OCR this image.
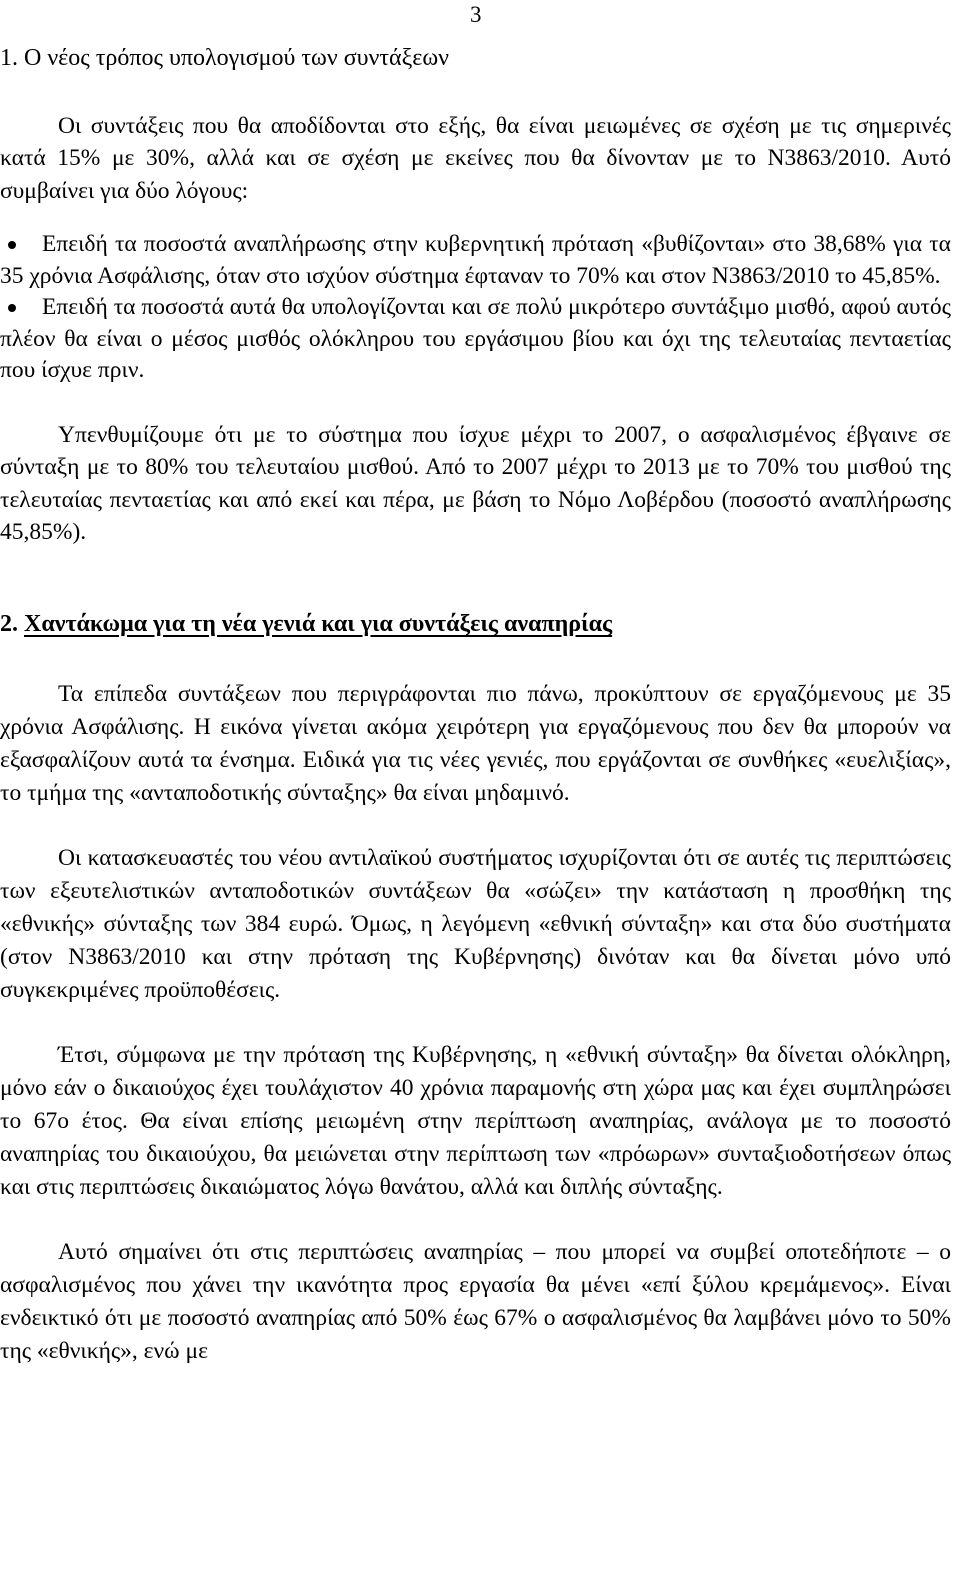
3
1. Ο νέος τρόπος υπολογισμού των συντάξεων

Οι συντάξεις που θα αποδίδονται στο εξής, θα είναι μειωμένες σε σχέση με τις σημερινές κατά 15% με 30%, αλλά και σε σχέση με εκείνες που θα δίνονταν με το Ν3863/2010. Αυτό συμβαίνει για δύο λόγους:

Επειδή τα ποσοστά αναπλήρωσης στην κυβερνητική πρόταση «βυθίζονται» στο 38,68% για τα 35 χρόνια Ασφάλισης, όταν στο ισχύον σύστημα έφταναν το 70% και στον Ν3863/2010 το 45,85%.
Επειδή τα ποσοστά αυτά θα υπολογίζονται και σε πολύ μικρότερο συντάξιμο μισθό, αφού αυτός πλέον θα είναι ο μέσος μισθός ολόκληρου του εργάσιμου βίου και όχι της τελευταίας πενταετίας που ίσχυε πριν.

Υπενθυμίζουμε ότι με το σύστημα που ίσχυε μέχρι το 2007, ο ασφαλισμένος έβγαινε σε σύνταξη με το 80% του τελευταίου μισθού. Από το 2007 μέχρι το 2013 με το 70% του μισθού της τελευταίας πενταετίας και από εκεί και πέρα, με βάση το Νόμο Λοβέρδου (ποσοστό αναπλήρωσης 45,85%).

2. Χαντάκωμα για τη νέα γενιά και για συντάξεις αναπηρίας

Τα επίπεδα συντάξεων που περιγράφονται πιο πάνω, προκύπτουν σε εργαζόμενους με 35 χρόνια Ασφάλισης. Η εικόνα γίνεται ακόμα χειρότερη για εργαζόμενους που δεν θα μπορούν να εξασφαλίζουν αυτά τα ένσημα. Ειδικά για τις νέες γενιές, που εργάζονται σε συνθήκες «ευελιξίας», το τμήμα της «ανταποδοτικής σύνταξης» θα είναι μηδαμινό.

Οι κατασκευαστές του νέου αντιλαϊκού συστήματος ισχυρίζονται ότι σε αυτές τις περιπτώσεις των εξευτελιστικών ανταποδοτικών συντάξεων θα «σώζει» την κατάσταση η προσθήκη της «εθνικής» σύνταξης των 384 ευρώ. Όμως, η λεγόμενη «εθνική σύνταξη» και στα δύο συστήματα (στον Ν3863/2010 και στην πρόταση της Κυβέρνησης) δινόταν και θα δίνεται μόνο υπό συγκεκριμένες προϋποθέσεις.

Έτσι, σύμφωνα με την πρόταση της Κυβέρνησης, η «εθνική σύνταξη» θα δίνεται ολόκληρη, μόνο εάν ο δικαιούχος έχει τουλάχιστον 40 χρόνια παραμονής στη χώρα μας και έχει συμπληρώσει το 67ο έτος. Θα είναι επίσης μειωμένη στην περίπτωση αναπηρίας, ανάλογα με το ποσοστό αναπηρίας του δικαιούχου, θα μειώνεται στην περίπτωση των «πρόωρων» συνταξιοδοτήσεων όπως και στις περιπτώσεις δικαιώματος λόγω θανάτου, αλλά και διπλής σύνταξης.

Αυτό σημαίνει ότι στις περιπτώσεις αναπηρίας – που μπορεί να συμβεί οποτεδήποτε – ο ασφαλισμένος που χάνει την ικανότητα προς εργασία θα μένει «επί ξύλου κρεμάμενος». Είναι ενδεικτικό ότι με ποσοστό αναπηρίας από 50% έως 67% ο ασφαλισμένος θα λαμβάνει μόνο το 50% της «εθνικής», ενώ με
